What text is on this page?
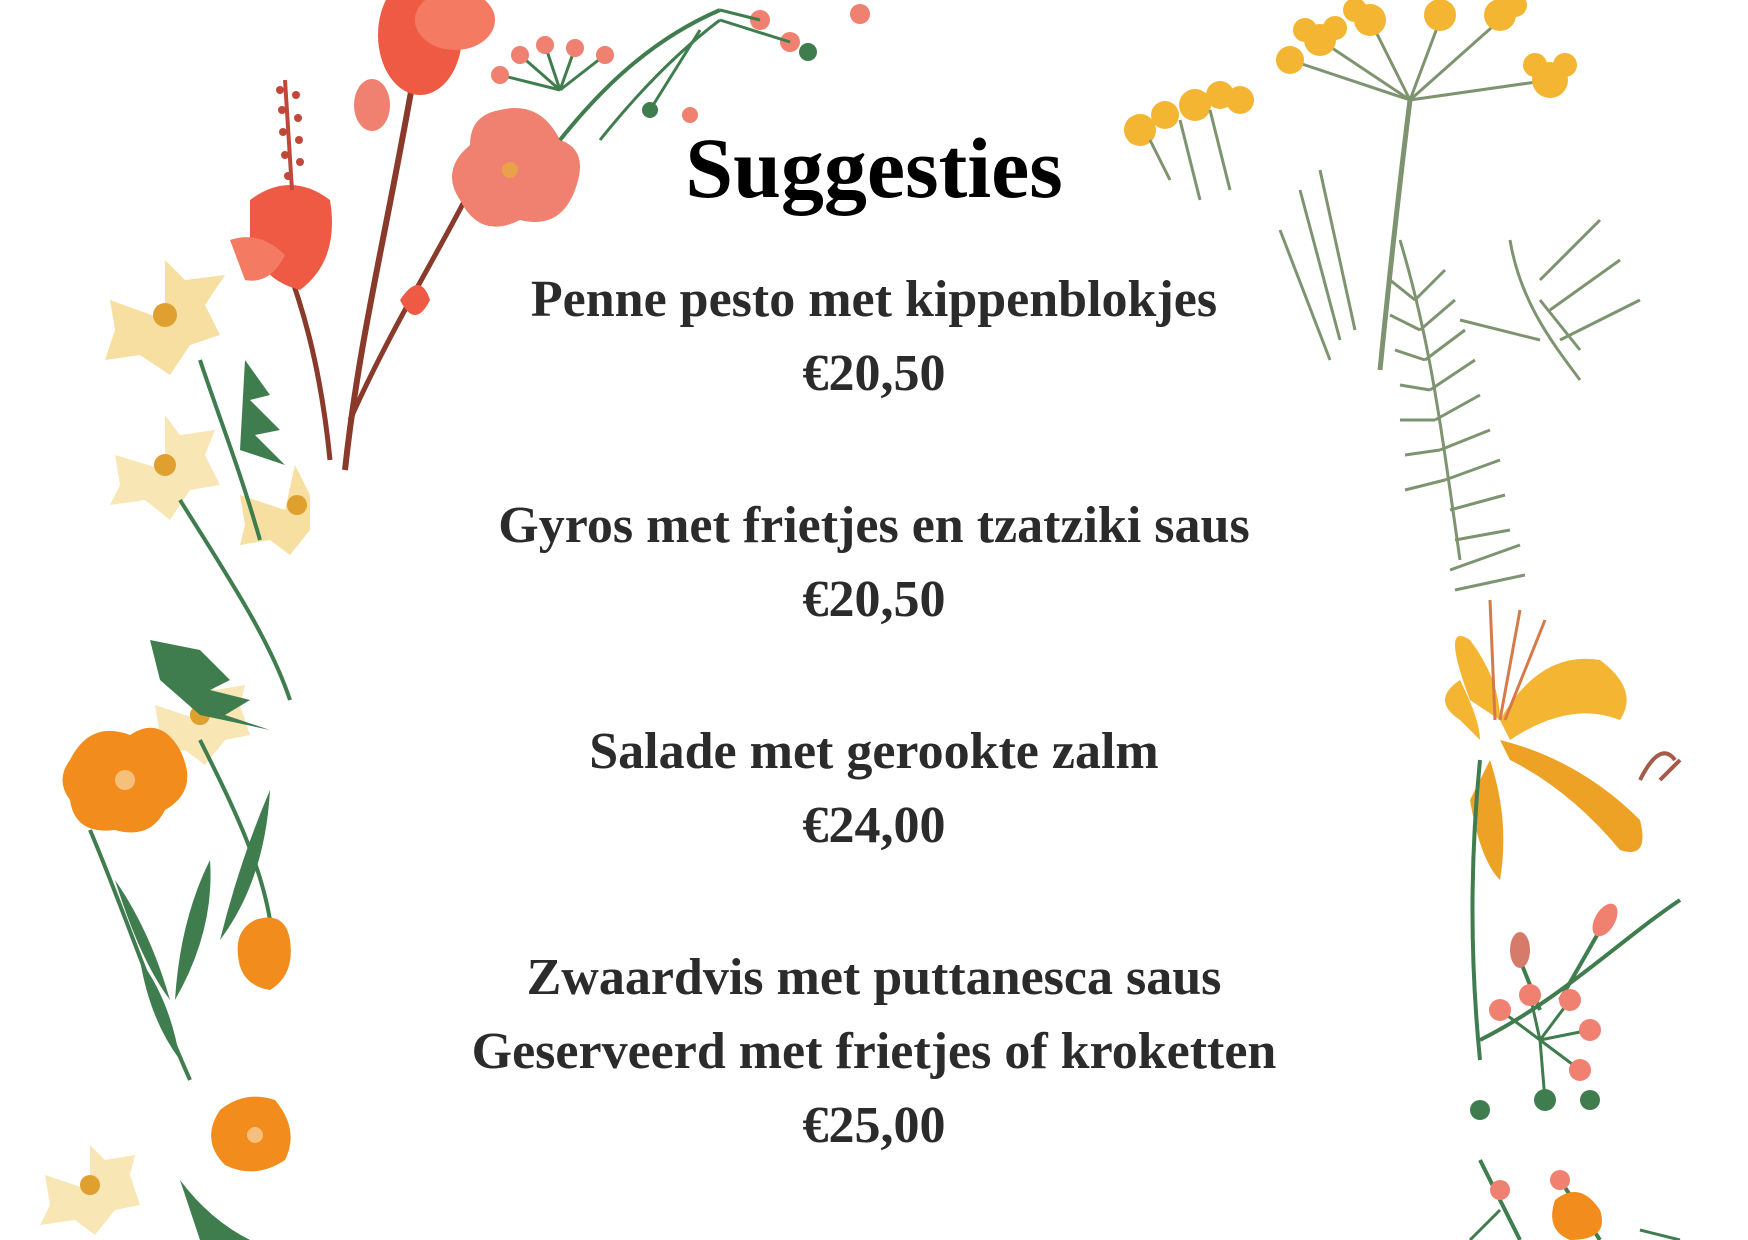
Suggesties
Penne pesto met kippenblokjes
€20,50
Gyros met frietjes en tzatziki saus
€20,50
Salade met gerookte zalm
€24,00
Zwaardvis met puttanesca saus
Geserveerd met frietjes of kroketten
€25,00
